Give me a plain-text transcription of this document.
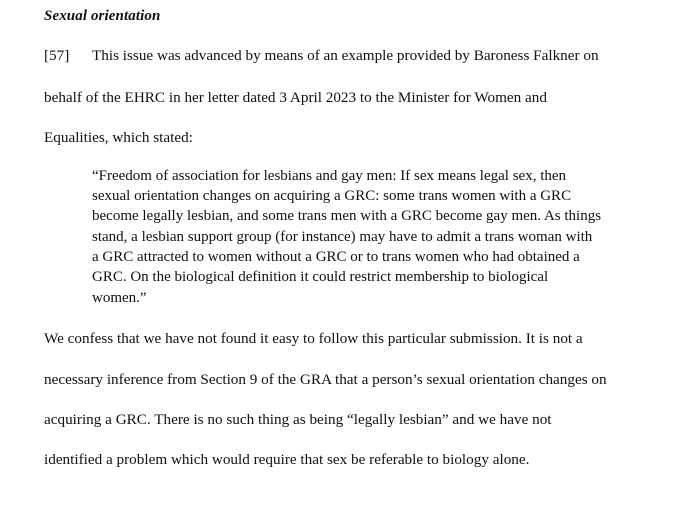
Sexual orientation
[57] This issue was advanced by means of an example provided by Baroness Falkner on
behalf of the EHRC in her letter dated 3 April 2023 to the Minister for Women and
Equalities, which stated:
“Freedom of association for lesbians and gay men: If sex means legal sex, then
sexual orientation changes on acquiring a GRC: some trans women with a GRC
become legally lesbian, and some trans men with a GRC become gay men. As things
stand, a lesbian support group (for instance) may have to admit a trans woman with
a GRC attracted to women without a GRC or to trans women who had obtained a
GRC. On the biological definition it could restrict membership to biological
women.”
We confess that we have not found it easy to follow this particular submission. It is not a
necessary inference from Section 9 of the GRA that a person’s sexual orientation changes on
acquiring a GRC. There is no such thing as being “legally lesbian” and we have not
identified a problem which would require that sex be referable to biology alone.
